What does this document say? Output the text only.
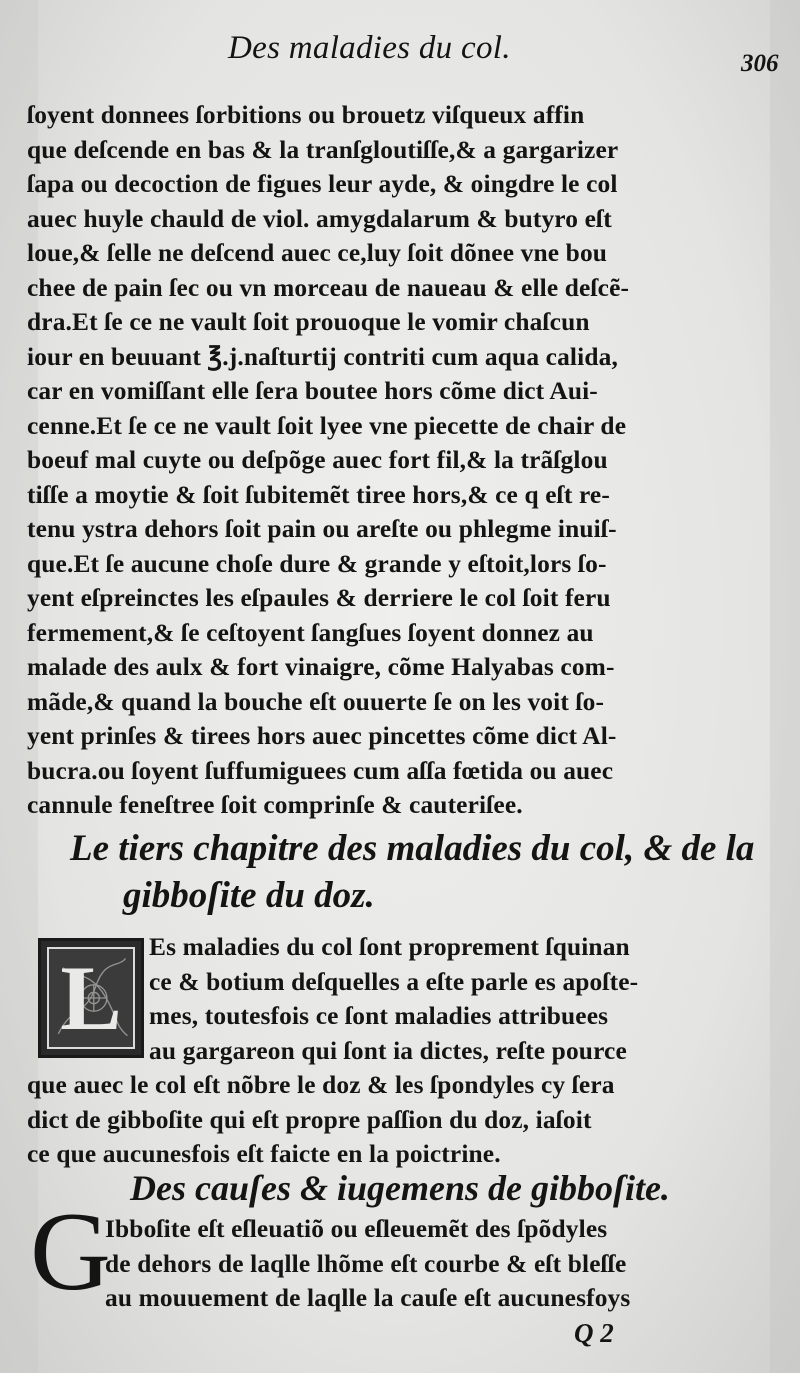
Des maladies du col.	306
ſoyent donnees ſorbitions ou brouetz viſqueux affin
que deſcende en bas & la tranſgloutiſſe,& a gargarizer
ſapa ou decoction de figues leur ayde, & oingdre le col
auec huyle chauld de viol. amygdalarum & butyro eſt
loue,& ſelle ne deſcend auec ce,luy ſoit dõnee vne bou
chee de pain ſec ou vn morceau de naueau & elle deſcẽ-
dra.Et ſe ce ne vault ſoit prouoque le vomir chaſcun
iour en beuuant ℥.j.naſturtij contriti cum aqua calida,
car en vomiſſant elle ſera boutee hors cõme dict Aui-
cenne.Et ſe ce ne vault ſoit lyee vne piecette de chair de
boeuf mal cuyte ou deſpõge auec fort fil,& la trãſglou
tiſſe a moytie & ſoit ſubitemẽt tiree hors,& ce q eſt re-
tenu ystra dehors ſoit pain ou areſte ou phlegme inuiſ-
que.Et ſe aucune choſe dure & grande y eſtoit,lors ſo-
yent eſpreinctes les eſpaules & derriere le col ſoit feru
fermement,& ſe ceſtoyent ſangſues ſoyent donnez au
malade des aulx & fort vinaigre, cõme Halyabas com-
mãde,& quand la bouche eſt ouuerte ſe on les voit ſo-
yent prinſes & tirees hors auec pincettes cõme dict Al-
bucra.ou ſoyent ſuffumiguees cum aſſa fœtida ou auec
cannule feneſtree ſoit comprinſe & cauteriſee.
Le tiers chapitre des maladies du col, & de la
gibboſite du doz.
L	Es maladies du col ſont proprement ſquinan
ce & botium deſquelles a eſte parle es apoſte-
mes, toutesfois ce ſont maladies attribuees
au gargareon qui ſont ia dictes, reſte pource
que auec le col eſt nõbre le doz & les ſpondyles cy ſera
dict de gibboſite qui eſt propre paſſion du doz, iaſoit
ce que aucunesfois eſt faicte en la poictrine.
Des cauſes & iugemens de gibboſite.
G
Ibboſite eſt eſleuatiõ ou eſleuemẽt des ſpõdyles
de dehors de laqlle lhõme eſt courbe & eſt bleſſe
au mouuement de laqlle la cauſe eſt aucunesfoys
Q 2
